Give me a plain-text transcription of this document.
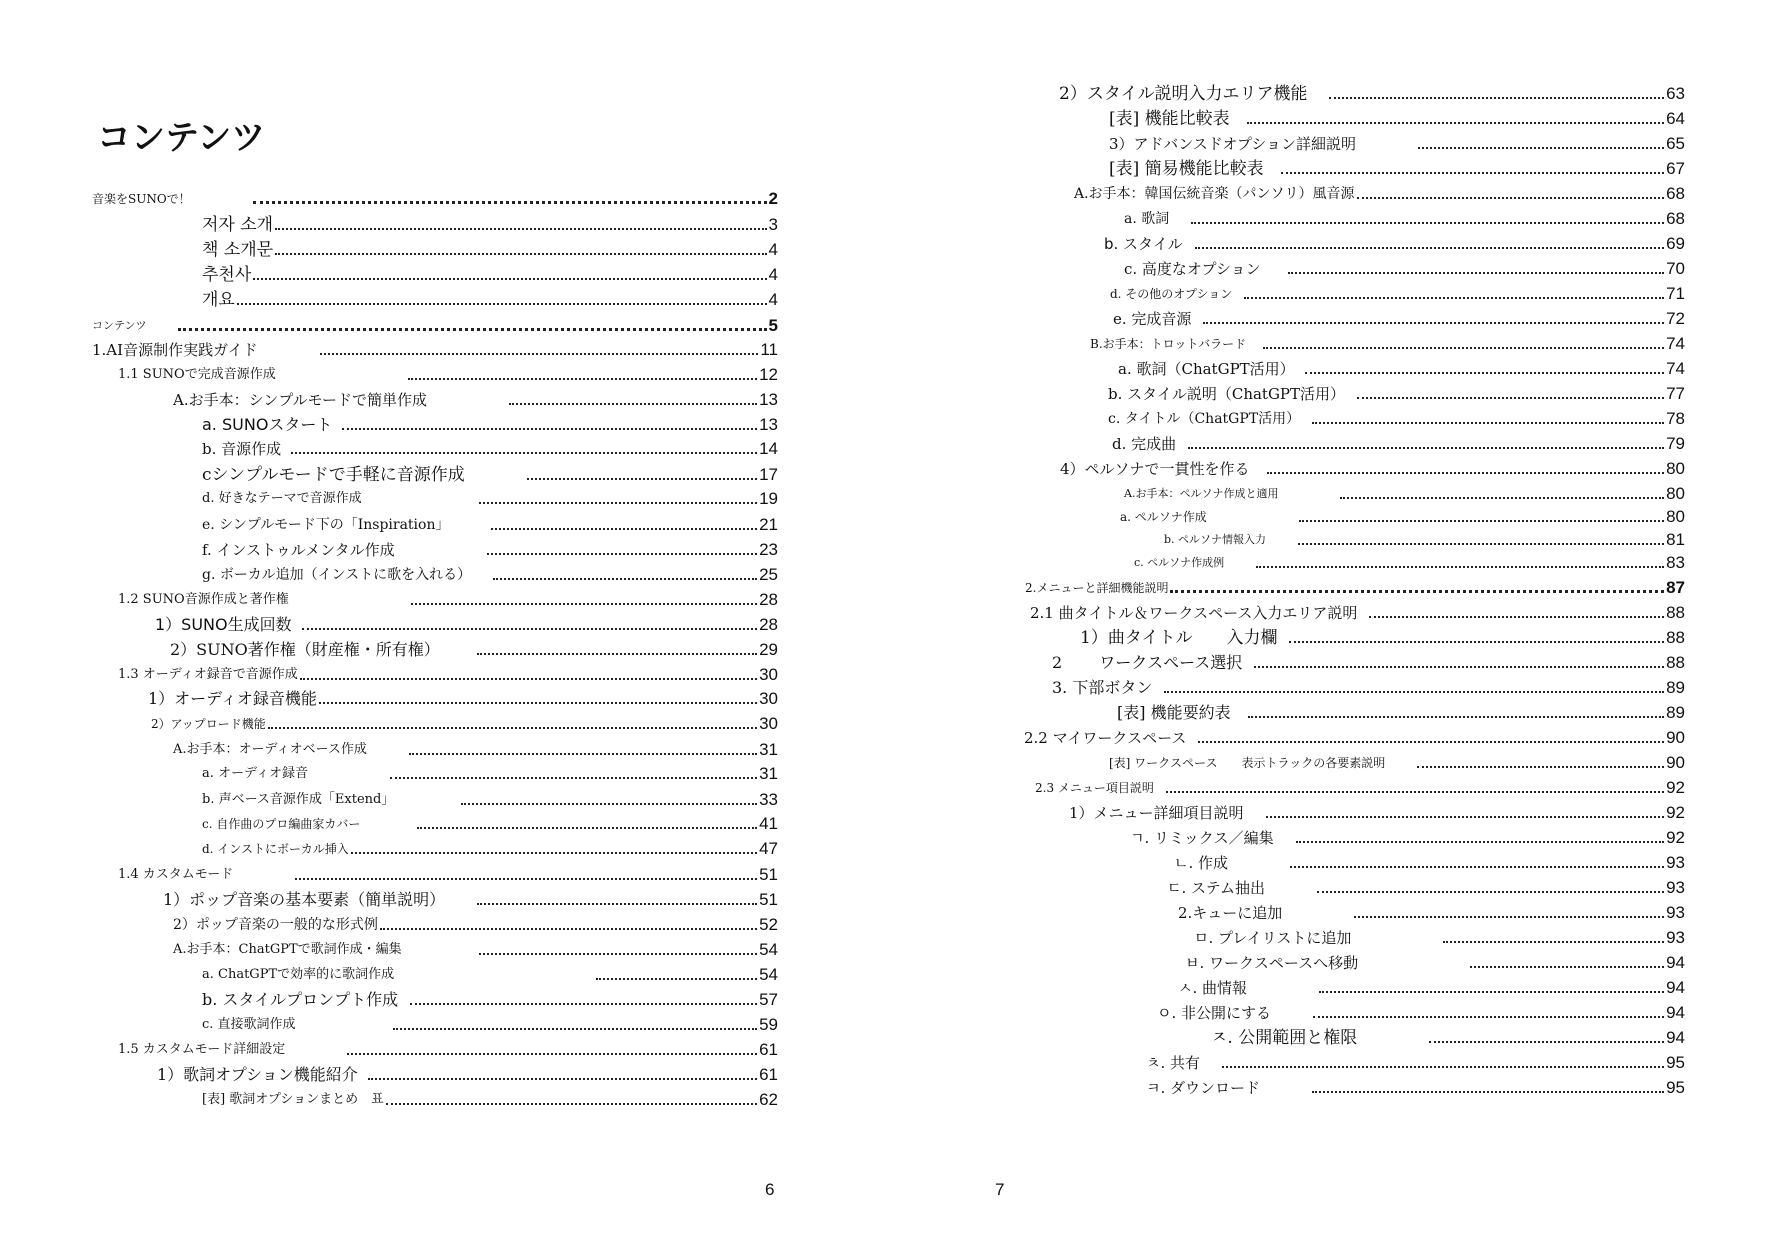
コンテンツ
音楽をSUNOで！	2
저자 소개	3
책 소개문	4
추천사	4
개요	4
コンテンツ	5
1.AI音源制作実践ガイド	11
1.1 SUNOで完成音源作成	12
A.お手本：シンプルモードで簡単作成	13
a. SUNOスタート	13
b. 音源作成	14
cシンプルモードで手軽に音源作成	17
d. 好きなテーマで音源作成	19
e. シンプルモード下の「Inspiration」	21
f. インストゥルメンタル作成	23
g. ボーカル追加（インストに歌を入れる）	25
1.2 SUNO音源作成と著作権	28
1）SUNO生成回数	28
2）SUNO著作権（財産権・所有権）	29
1.3 オーディオ録音で音源作成	30
1）オーディオ録音機能	30
2）アップロード機能	30
A.お手本：オーディオベース作成	31
a. オーディオ録音	31
b. 声ベース音源作成「Extend」	33
c. 自作曲のプロ編曲家カバー	41
d. インストにボーカル挿入	47
1.4 カスタムモード	51
1）ポップ音楽の基本要素（簡単説明）	51
2）ポップ音楽の一般的な形式例	52
A.お手本：ChatGPTで歌詞作成・編集	54
a. ChatGPTで効率的に歌詞作成	54
b. スタイルプロンプト作成	57
c. 直接歌詞作成	59
1.5 カスタムモード詳細設定	61
1）歌詞オプション機能紹介	61
[表] 歌詞オプションまとめ　표	62
6
2）スタイル説明入力エリア機能	63
[表] 機能比較表	64
3）アドバンスドオプション詳細説明	65
[表] 簡易機能比較表	67
A.お手本：韓国伝統音楽（パンソリ）風音源	68
a. 歌詞	68
b. スタイル	69
c. 高度なオプション	70
d. その他のオプション	71
e. 完成音源	72
B.お手本：トロットバラード	74
a. 歌詞（ChatGPT活用）	74
b. スタイル説明（ChatGPT活用）	77
c. タイトル（ChatGPT活用）	78
d. 完成曲	79
4）ペルソナで一貫性を作る	80
A.お手本：ペルソナ作成と適用	80
a. ペルソナ作成	80
b. ペルソナ情報入力	81
c. ペルソナ作成例	83
2.メニューと詳細機能説明	87
2.1 曲タイトル＆ワークスペース入力エリア説明	88
1）曲タイトル　　入力欄	88
2　　 ワークスペース選択	88
3. 下部ボタン	89
[表] 機能要約表	89
2.2 マイワークスペース	90
[表] ワークスペース　　表示トラックの各要素説明	90
2.3 メニュー項目説明	92
1）メニュー詳細項目説明	92
ㄱ. リミックス／編集	92
ㄴ. 作成	93
ㄷ. ステム抽出	93
2.キューに追加	93
ㅁ. プレイリストに追加	93
ㅂ. ワークスペースへ移動	94
ㅅ. 曲情報	94
ㅇ. 非公開にする	94
ㅈ. 公開範囲と権限	94
ㅊ. 共有	95
ㅋ. ダウンロード	95
7
